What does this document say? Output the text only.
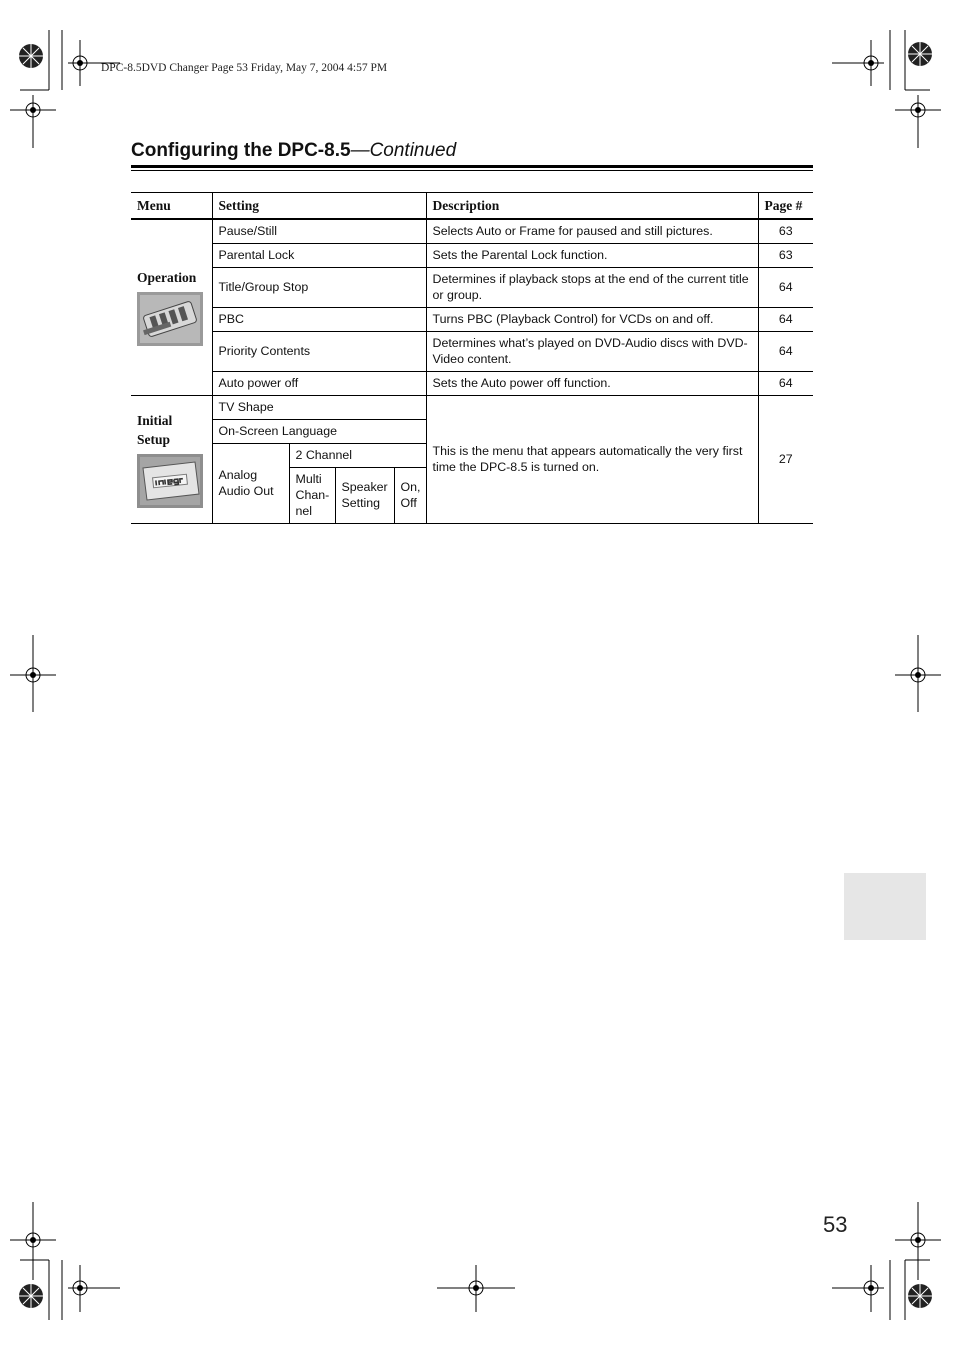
DPC-8.5DVD Changer Page 53 Friday, May 7, 2004 4:57 PM
Configuring the DPC-8.5—Continued
Menu	Setting				Description	Page #

Operation	Pause/Still				Selects Auto or Frame for paused and still pictures.	63
	Parental Lock				Sets the Parental Lock function.	63
	Title/Group Stop				Determines if playback stops at the end of the current title or group.	64
	PBC				Turns PBC (Playback Control) for VCDs on and off.	64
	Priority Contents				Determines what’s played on DVD-Audio discs with DVD-Video content.	64
	Auto power off				Sets the Auto power off function.	64

Initial
Setup	TV Shape				This is the menu that appears automatically the very first time the DPC-8.5 is turned on.	27
	On-Screen Language					
	Analog Audio Out	2 Channel				
		Multi Chan-nel	Speaker Setting	On, Off		
53
